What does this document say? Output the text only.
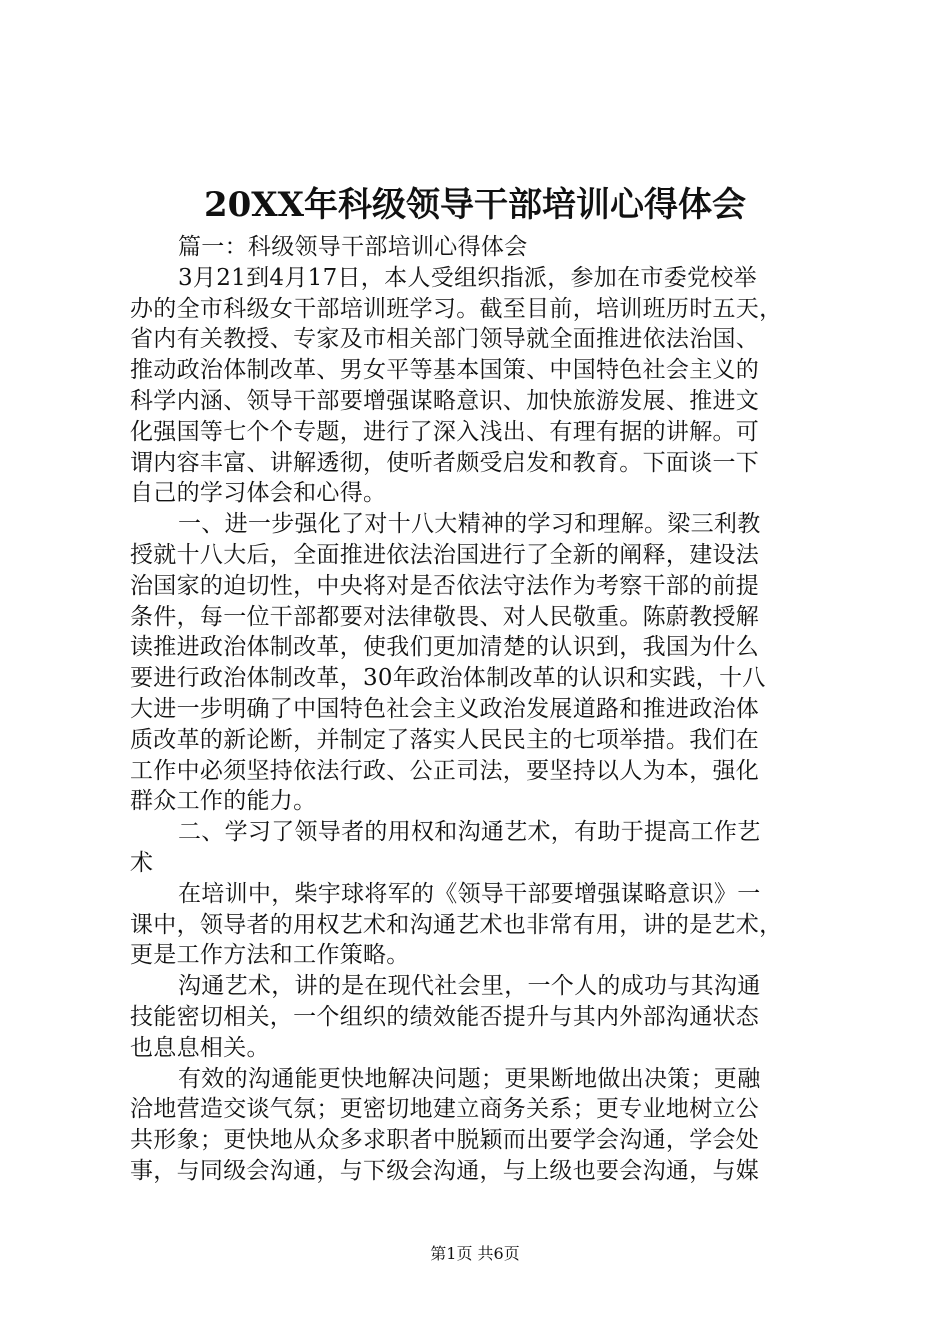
20XX年科级领导干部培训心得体会
篇一：科级领导干部培训心得体会
3月21到4月17日，本人受组织指派，参加在市委党校举
办的全市科级女干部培训班学习。截至目前，培训班历时五天，
省内有关教授、专家及市相关部门领导就全面推进依法治国、
推动政治体制改革、男女平等基本国策、中国特色社会主义的
科学内涵、领导干部要增强谋略意识、加快旅游发展、推进文
化强国等七个个专题，进行了深入浅出、有理有据的讲解。可
谓内容丰富、讲解透彻，使听者颇受启发和教育。下面谈一下
自己的学习体会和心得。
一、进一步强化了对十八大精神的学习和理解。梁三利教
授就十八大后，全面推进依法治国进行了全新的阐释，建设法
治国家的迫切性，中央将对是否依法守法作为考察干部的前提
条件，每一位干部都要对法律敬畏、对人民敬重。陈蔚教授解
读推进政治体制改革，使我们更加清楚的认识到，我国为什么
要进行政治体制改革，30年政治体制改革的认识和实践，十八
大进一步明确了中国特色社会主义政治发展道路和推进政治体
质改革的新论断，并制定了落实人民民主的七项举措。我们在
工作中必须坚持依法行政、公正司法，要坚持以人为本，强化
群众工作的能力。
二、学习了领导者的用权和沟通艺术，有助于提高工作艺
术
在培训中，柴宇球将军的《领导干部要增强谋略意识》一
课中，领导者的用权艺术和沟通艺术也非常有用，讲的是艺术，
更是工作方法和工作策略。
沟通艺术，讲的是在现代社会里，一个人的成功与其沟通
技能密切相关，一个组织的绩效能否提升与其内外部沟通状态
也息息相关。
有效的沟通能更快地解决问题；更果断地做出决策；更融
洽地营造交谈气氛；更密切地建立商务关系；更专业地树立公
共形象；更快地从众多求职者中脱颖而出要学会沟通，学会处
事，与同级会沟通，与下级会沟通，与上级也要会沟通，与媒
第1页 共6页
